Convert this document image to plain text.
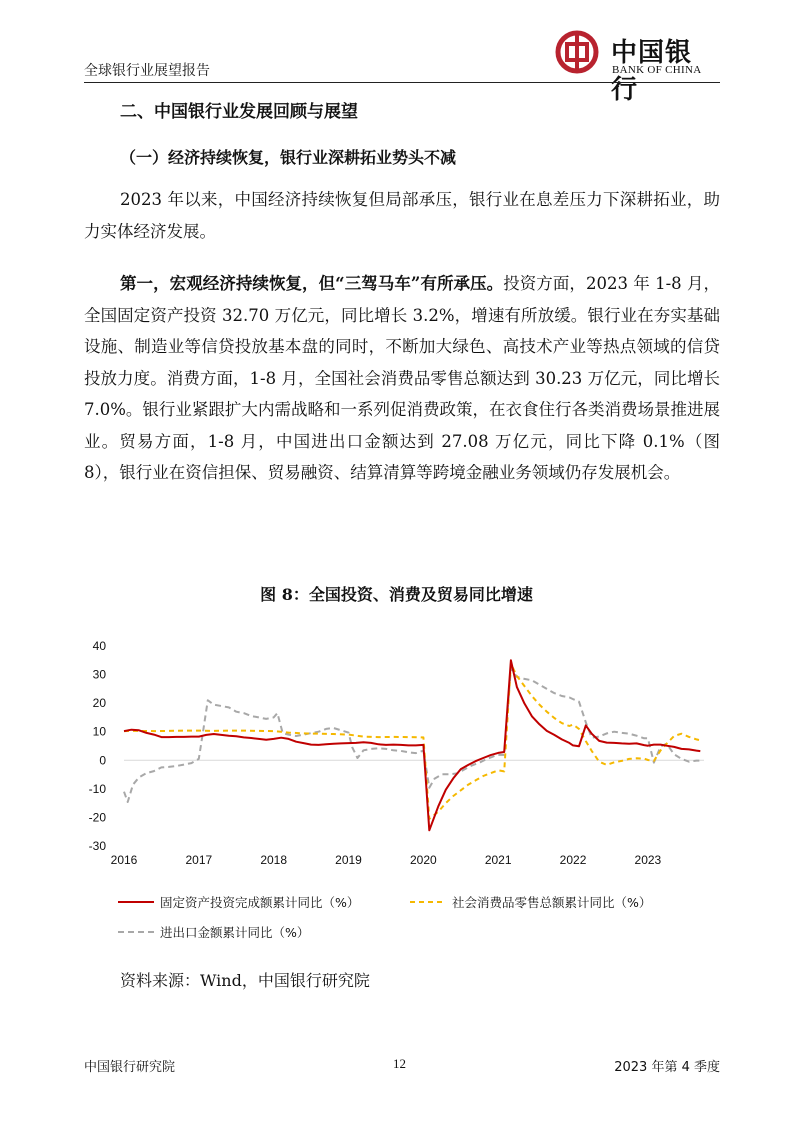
全球银行业展望报告
中国银行
BANK OF CHINA
二、中国银行业发展回顾与展望
（一）经济持续恢复，银行业深耕拓业势头不减

2023 年以来，中国经济持续恢复但局部承压，银行业在息差压力下深耕拓业，助力实体经济发展。

第一，宏观经济持续恢复，但“三驾马车”有所承压。投资方面，2023 年 1-8 月，全国固定资产投资 32.70 万亿元，同比增长 3.2%，增速有所放缓。银行业在夯实基础设施、制造业等信贷投放基本盘的同时，不断加大绿色、高技术产业等热点领域的信贷投放力度。消费方面，1-8 月，全国社会消费品零售总额达到 30.23 万亿元，同比增长 7.0%。银行业紧跟扩大内需战略和一系列促消费政策，在衣食住行各类消费场景推进展业。贸易方面，1-8 月，中国进出口金额达到 27.08 万亿元，同比下降 0.1%（图 8），银行业在资信担保、贸易融资、结算清算等跨境金融业务领域仍存发展机会。

图 8：全国投资、消费及贸易同比增速
40
30
20
10
0
-10
-20
-30
2016	2017	2018	2019	2020	2021	2022	2023
固定资产投资完成额累计同比（%）	社会消费品零售总额累计同比（%）
进出口金额累计同比（%）
资料来源：Wind，中国银行研究院
中国银行研究院	12	2023 年第 4 季度
